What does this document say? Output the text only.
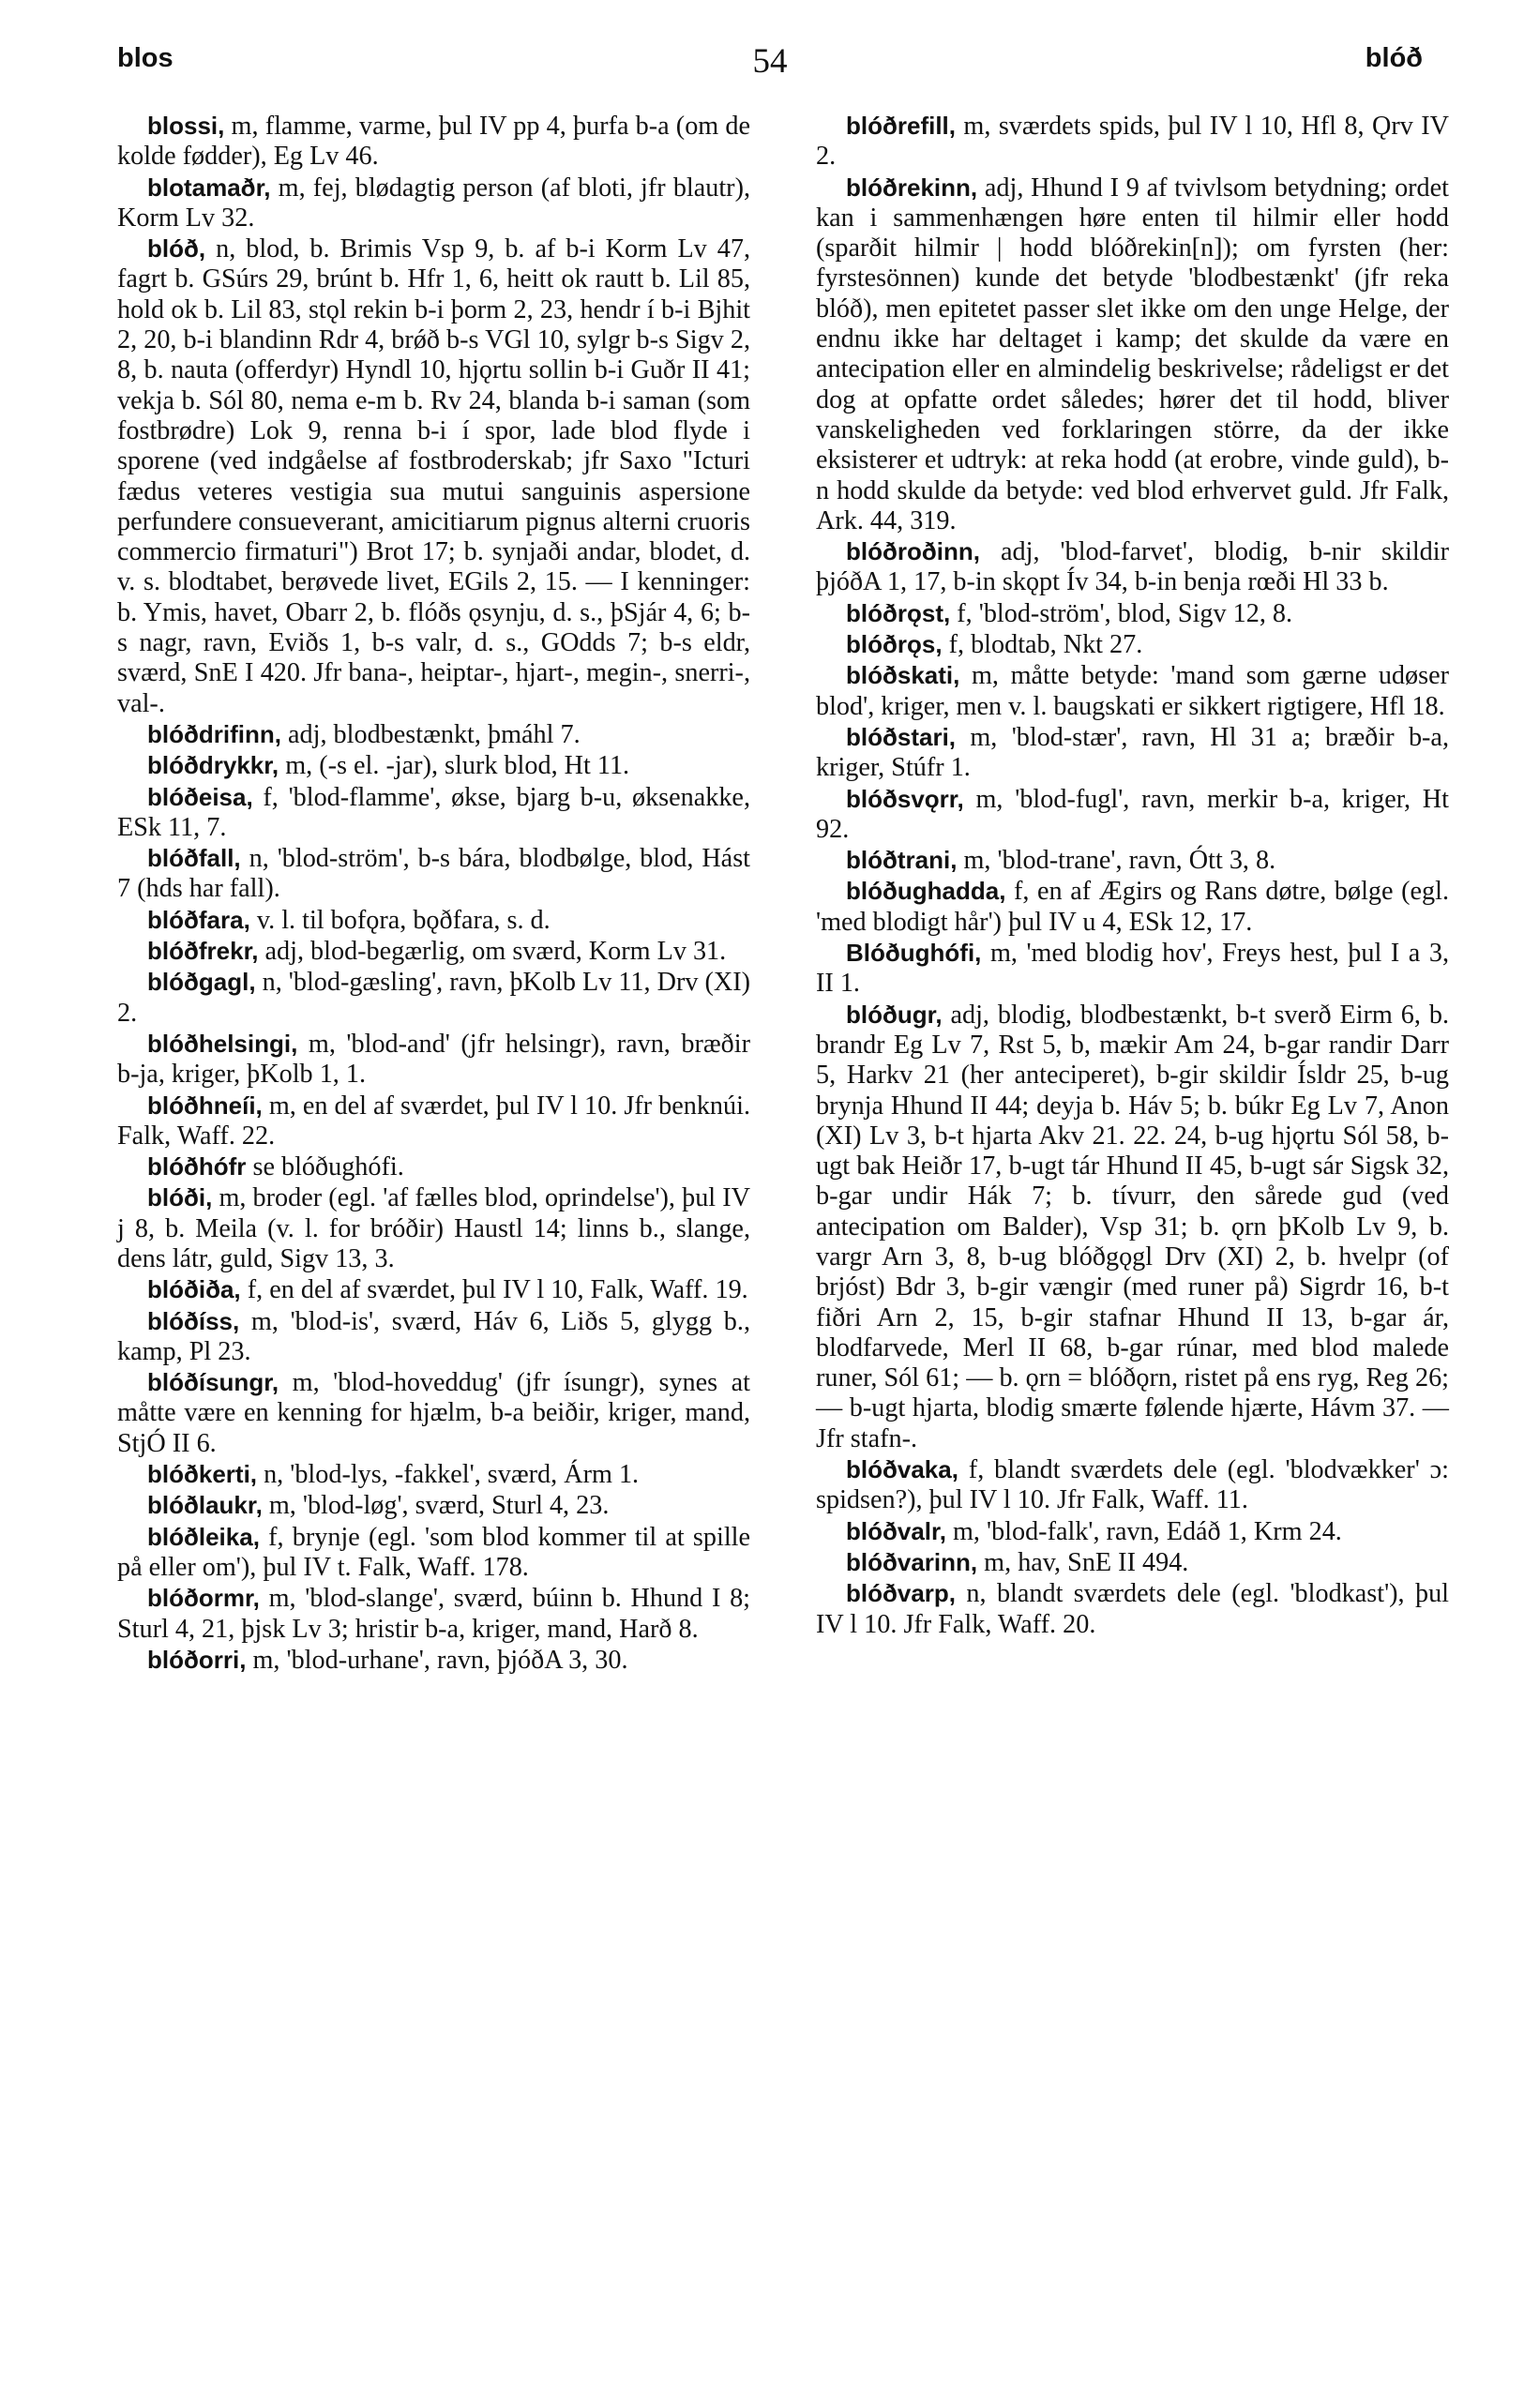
blos	54	blóð

blossi, m, flamme, varme, þul IV pp 4, þurfa b-a (om de kolde fødder), Eg Lv 46.

blotamaðr, m, fej, blødagtig person (af bloti, jfr blautr), Korm Lv 32.

blóð, n, blod, b. Brimis Vsp 9, b. af b-i Korm Lv 47, fagrt b. GSúrs 29, brúnt b. Hfr 1, 6, heitt ok rautt b. Lil 85, hold ok b. Lil 83, stǫl rekin b-i þorm 2, 23, hendr í b-i Bjhit 2, 20, b-i blandinn Rdr 4, brǿð b-s VGl 10, sylgr b-s Sigv 2, 8, b. nauta (offerdyr) Hyndl 10, hjǫrtu sollin b-i Guðr II 41; vekja b. Sól 80, nema e-m b. Rv 24, blanda b-i saman (som fostbrødre) Lok 9, renna b-i í spor, lade blod flyde i sporene (ved indgåelse af fostbroderskab; jfr Saxo "Icturi fædus veteres vestigia sua mutui sanguinis aspersione perfundere consueverant, amicitiarum pignus alterni cruoris commercio firmaturi") Brot 17; b. synjaði andar, blodet, d. v. s. blodtabet, berøvede livet, EGils 2, 15. — I kenninger: b. Ymis, havet, Obarr 2, b. flóðs ǫsynju, d. s., þSjár 4, 6; b-s nagr, ravn, Eviðs 1, b-s valr, d. s., GOdds 7; b-s eldr, sværd, SnE I 420. Jfr bana-, heiptar-, hjart-, megin-, snerri-, val-.

blóðdrifinn, adj, blodbestænkt, þmáhl 7.

blóðdrykkr, m, (-s el. -jar), slurk blod, Ht 11.

blóðeisa, f, 'blod-flamme', økse, bjarg b-u, øksenakke, ESk 11, 7.

blóðfall, n, 'blod-ström', b-s bára, blodbølge, blod, Hást 7 (hds har fall).

blóðfara, v. l. til bofǫra, bǫðfara, s. d.

blóðfrekr, adj, blod-begærlig, om sværd, Korm Lv 31.

blóðgagl, n, 'blod-gæsling', ravn, þKolb Lv 11, Drv (XI) 2.

blóðhelsingi, m, 'blod-and' (jfr helsingr), ravn, bræðir b-ja, kriger, þKolb 1, 1.

blóðhneíi, m, en del af sværdet, þul IV l 10. Jfr benknúi. Falk, Waff. 22.

blóðhófr se blóðughófi.

blóði, m, broder (egl. 'af fælles blod, oprindelse'), þul IV j 8, b. Meila (v. l. for bróðir) Haustl 14; linns b., slange, dens látr, guld, Sigv 13, 3.

blóðiða, f, en del af sværdet, þul IV l 10, Falk, Waff. 19.

blóðíss, m, 'blod-is', sværd, Háv 6, Liðs 5, glygg b., kamp, Pl 23.

blóðísungr, m, 'blod-hoveddug' (jfr ísungr), synes at måtte være en kenning for hjælm, b-a beiðir, kriger, mand, StjÓ II 6.

blóðkerti, n, 'blod-lys, -fakkel', sværd, Árm 1.

blóðlaukr, m, 'blod-løg', sværd, Sturl 4, 23.

blóðleika, f, brynje (egl. 'som blod kommer til at spille på eller om'), þul IV t. Falk, Waff. 178.

blóðormr, m, 'blod-slange', sværd, búinn b. Hhund I 8; Sturl 4, 21, þjsk Lv 3; hristir b-a, kriger, mand, Harð 8.

blóðorri, m, 'blod-urhane', ravn, þjóðA 3, 30.

blóðrefill, m, sværdets spids, þul IV l 10, Hfl 8, Ǫrv IV 2.

blóðrekinn, adj, Hhund I 9 af tvivlsom betydning; ordet kan i sammenhængen høre enten til hilmir eller hodd (sparðit hilmir | hodd blóðrekin[n]); om fyrsten (her: fyrstesönnen) kunde det betyde 'blodbestænkt' (jfr reka blóð), men epitetet passer slet ikke om den unge Helge, der endnu ikke har deltaget i kamp; det skulde da være en antecipation eller en almindelig beskrivelse; rådeligst er det dog at opfatte ordet således; hører det til hodd, bliver vanskeligheden ved forklaringen större, da der ikke eksisterer et udtryk: at reka hodd (at erobre, vinde guld), b-n hodd skulde da betyde: ved blod erhvervet guld. Jfr Falk, Ark. 44, 319.

blóðroðinn, adj, 'blod-farvet', blodig, b-nir skildir þjóðA 1, 17, b-in skǫpt Ív 34, b-in benja rœði Hl 33 b.

blóðrǫst, f, 'blod-ström', blod, Sigv 12, 8.

blóðrǫs, f, blodtab, Nkt 27.

blóðskati, m, måtte betyde: 'mand som gærne udøser blod', kriger, men v. l. baugskati er sikkert rigtigere, Hfl 18.

blóðstari, m, 'blod-stær', ravn, Hl 31 a; bræðir b-a, kriger, Stúfr 1.

blóðsvǫrr, m, 'blod-fugl', ravn, merkir b-a, kriger, Ht 92.

blóðtrani, m, 'blod-trane', ravn, Ótt 3, 8.

blóðughadda, f, en af Ægirs og Rans døtre, bølge (egl. 'med blodigt hår') þul IV u 4, ESk 12, 17.

Blóðughófi, m, 'med blodig hov', Freys hest, þul I a 3, II 1.

blóðugr, adj, blodig, blodbestænkt, b-t sverð Eirm 6, b. brandr Eg Lv 7, Rst 5, b, mækir Am 24, b-gar randir Darr 5, Harkv 21 (her anteciperet), b-gir skildir Ísldr 25, b-ug brynja Hhund II 44; deyja b. Háv 5; b. búkr Eg Lv 7, Anon (XI) Lv 3, b-t hjarta Akv 21. 22. 24, b-ug hjǫrtu Sól 58, b-ugt bak Heiðr 17, b-ugt tár Hhund II 45, b-ugt sár Sigsk 32, b-gar undir Hák 7; b. tívurr, den sårede gud (ved antecipation om Balder), Vsp 31; b. ǫrn þKolb Lv 9, b. vargr Arn 3, 8, b-ug blóðgǫgl Drv (XI) 2, b. hvelpr (of brjóst) Bdr 3, b-gir vængir (med runer på) Sigrdr 16, b-t fiðri Arn 2, 15, b-gir stafnar Hhund II 13, b-gar ár, blodfarvede, Merl II 68, b-gar rúnar, med blod malede runer, Sól 61; — b. ǫrn = blóðǫrn, ristet på ens ryg, Reg 26; — b-ugt hjarta, blodig smærte følende hjærte, Hávm 37. — Jfr stafn-.

blóðvaka, f, blandt sværdets dele (egl. 'blodvækker' ɔ: spidsen?), þul IV l 10. Jfr Falk, Waff. 11.

blóðvalr, m, 'blod-falk', ravn, Edáð 1, Krm 24.

blóðvarinn, m, hav, SnE II 494.

blóðvarp, n, blandt sværdets dele (egl. 'blodkast'), þul IV l 10. Jfr Falk, Waff. 20.
